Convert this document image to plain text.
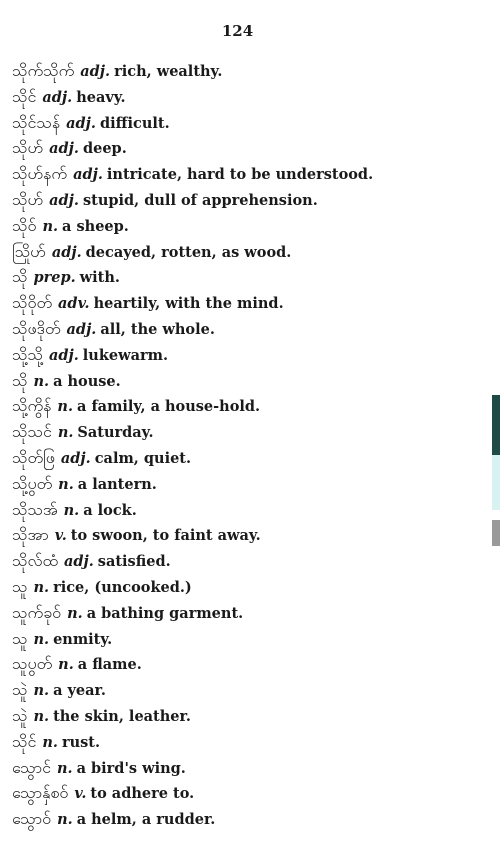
124
သိုက်သိုက် adj. rich, wealthy.
သိုင် adj. heavy.
သိုင်သန် adj. difficult.
သိုဟ် adj. deep.
သိုဟ်နက် adj. intricate, hard to be understood.
သိုဟ် adj. stupid, dull of apprehension.
သိုဝ် n. a sheep.
ဩိုဟ် adj. decayed, rotten, as wood.
သို prep. with.
သိုဝိုတ် adv. heartily, with the mind.
သိုဖဒိုတ် adj. all, the whole.
သို့သို့ adj. lukewarm.
သို n. a house.
သို့ကွိန် n. a family, a house-hold.
သိုသင် n. Saturday.
သိုတ်ဖြ adj. calm, quiet.
သို့ပွတ် n. a lantern.
သိုသအ် n. a lock.
သိုအာ v. to swoon, to faint away.
သိုလ်ထံ adj. satisfied.
သူ n. rice, (uncooked.)
သူက်ခုဝ် n. a bathing garment.
သူ n. enmity.
သူပွတ် n. a flame.
သူဲ n. a year.
သူဲ n. the skin, leather.
သိုင် n. rust.
သွောင် n. a bird's wing.
သွောနှ်စဝ် v. to adhere to.
သွောဝ် n. a helm, a rudder.
